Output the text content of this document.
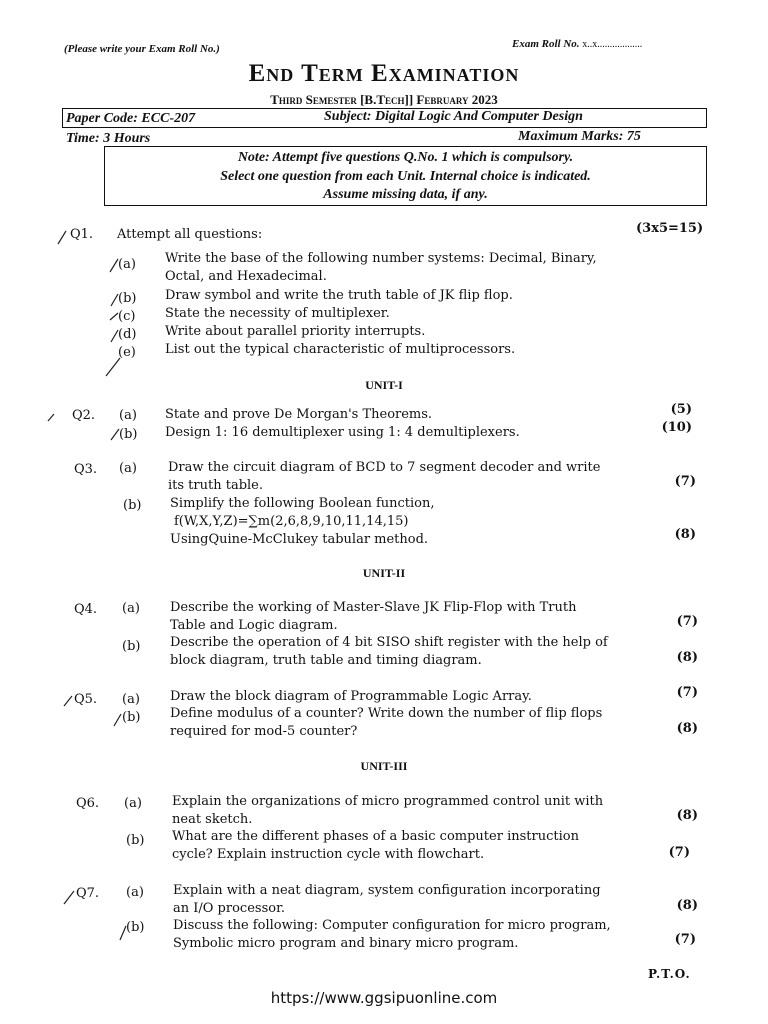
(Please write your Exam Roll No.)	Exam Roll No. x..x..................
End Term Examination
Third Semester [B.Tech]] February 2023
Paper Code: ECC-207	Subject: Digital Logic And Computer Design
Time: 3 Hours	Maximum Marks: 75
Note: Attempt five questions Q.No. 1 which is compulsory.
Select one question from each Unit. Internal choice is indicated.
Assume missing data, if any.
Q1. Attempt all questions:	(3x5=15)
(a) Write the base of the following number systems: Decimal, Binary,
Octal, and Hexadecimal.
(b) Draw symbol and write the truth table of JK flip flop.
(c) State the necessity of multiplexer.
(d) Write about parallel priority interrupts.
(e) List out the typical characteristic of multiprocessors.
UNIT-I
Q2. (a) State and prove De Morgan's Theorems.	(5)
(b) Design 1: 16 demultiplexer using 1: 4 demultiplexers.	(10)
Q3. (a) Draw the circuit diagram of BCD to 7 segment decoder and write
its truth table.	(7)
(b) Simplify the following Boolean function,
f(W,X,Y,Z)=∑m(2,6,8,9,10,11,14,15)
UsingQuine-McClukey tabular method.	(8)
UNIT-II
Q4. (a) Describe the working of Master-Slave JK Flip-Flop with Truth
Table and Logic diagram.	(7)
(b) Describe the operation of 4 bit SISO shift register with the help of
block diagram, truth table and timing diagram.	(8)
Q5. (a) Draw the block diagram of Programmable Logic Array.	(7)
(b) Define modulus of a counter? Write down the number of flip flops
required for mod-5 counter?	(8)
UNIT-III
Q6. (a) Explain the organizations of micro programmed control unit with
neat sketch.	(8)
(b) What are the different phases of a basic computer instruction
cycle? Explain instruction cycle with flowchart.	(7)
Q7. (a) Explain with a neat diagram, system configuration incorporating
an I/O processor.	(8)
(b) Discuss the following: Computer configuration for micro program,
Symbolic micro program and binary micro program.	(7)
P.T.O.
https://www.ggsipuonline.com
